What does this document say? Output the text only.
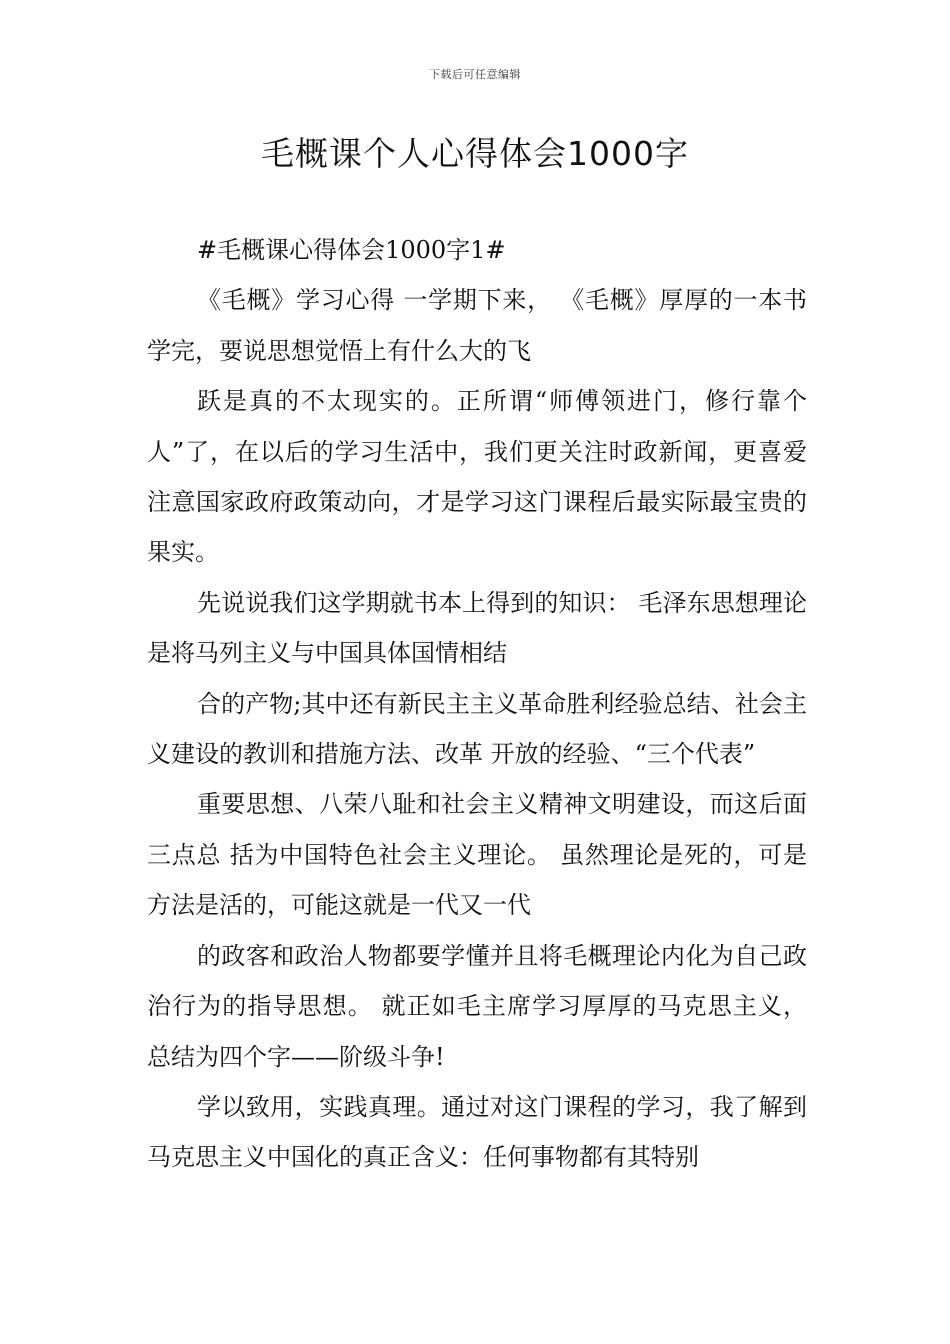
下载后可任意编辑
毛概课个人心得体会1000字

#毛概课心得体会1000字1#

《毛概》学习心得 一学期下来， 《毛概》厚厚的一本书学完，要说思想觉悟上有什么大的飞

跃是真的不太现实的。正所谓“师傅领进门，修行靠个人”了，在以后的学习生活中，我们更关注时政新闻，更喜爱注意国家政府政策动向，才是学习这门课程后最实际最宝贵的果实。

先说说我们这学期就书本上得到的知识： 毛泽东思想理论是将马列主义与中国具体国情相结

合的产物;其中还有新民主主义革命胜利经验总结、社会主义建设的教训和措施方法、改革 开放的经验、“三个代表”

重要思想、八荣八耻和社会主义精神文明建设，而这后面三点总 括为中国特色社会主义理论。 虽然理论是死的，可是方法是活的，可能这就是一代又一代

的政客和政治人物都要学懂并且将毛概理论内化为自己政治行为的指导思想。 就正如毛主席学习厚厚的马克思主义， 总结为四个字——阶级斗争!

学以致用，实践真理。通过对这门课程的学习，我了解到马克思主义中国化的真正含义：任何事物都有其特别
